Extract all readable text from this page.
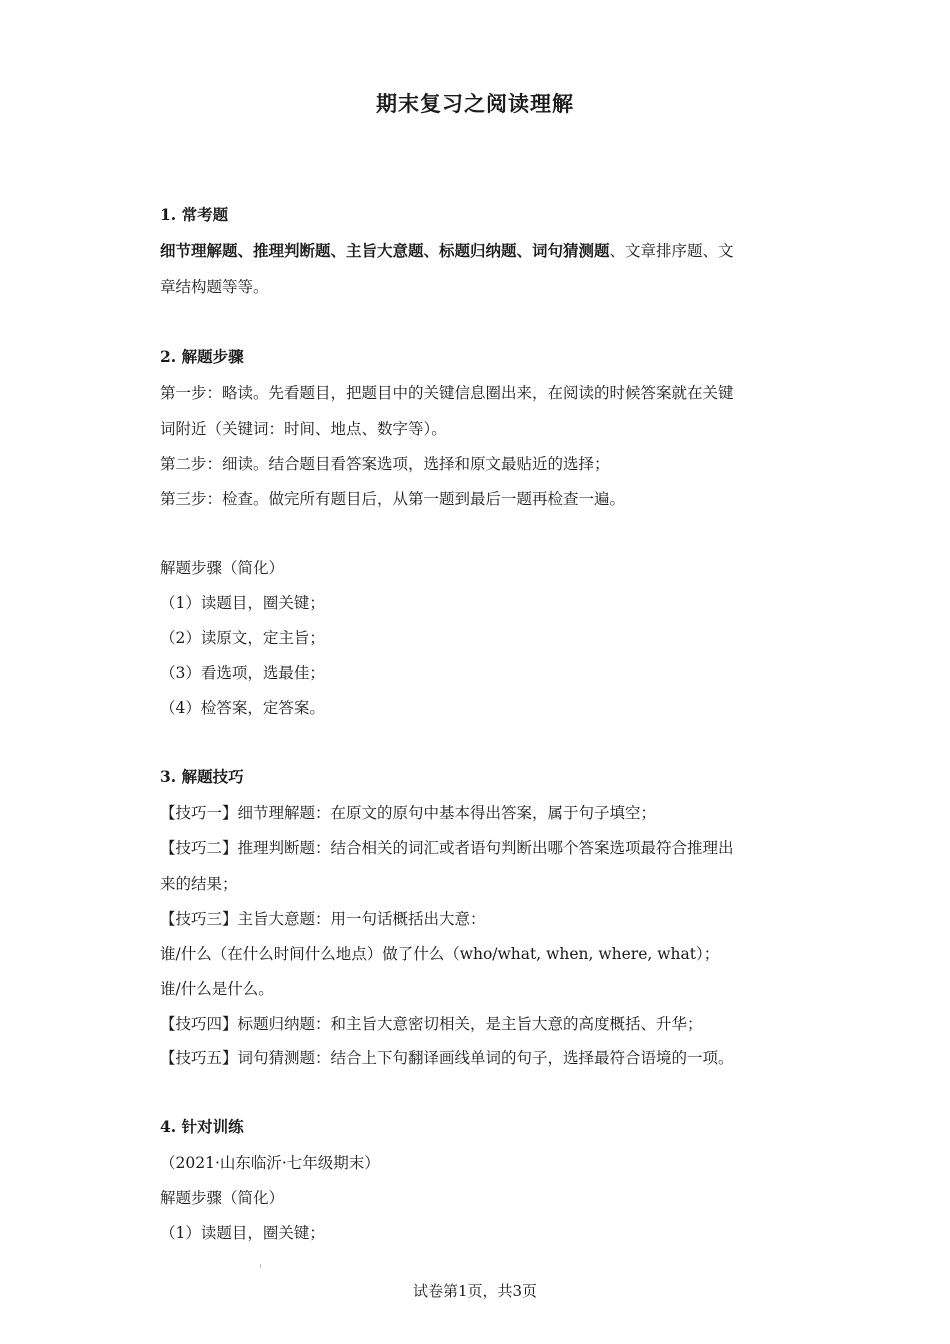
期末复习之阅读理解
1. 常考题
细节理解题、推理判断题、主旨大意题、标题归纳题、词句猜测题、文章排序题、文
章结构题等等。
2. 解题步骤
第一步：略读。先看题目，把题目中的关键信息圈出来，在阅读的时候答案就在关键
词附近（关键词：时间、地点、数字等）。
第二步：细读。结合题目看答案选项，选择和原文最贴近的选择；
第三步：检查。做完所有题目后，从第一题到最后一题再检查一遍。
解题步骤（简化）
（1）读题目，圈关键；
（2）读原文，定主旨；
（3）看选项，选最佳；
（4）检答案，定答案。
3. 解题技巧
【技巧一】细节理解题：在原文的原句中基本得出答案，属于句子填空；
【技巧二】推理判断题：结合相关的词汇或者语句判断出哪个答案选项最符合推理出
来的结果；
【技巧三】主旨大意题：用一句话概括出大意：
谁/什么（在什么时间什么地点）做了什么（who/what, when, where, what）；
谁/什么是什么。
【技巧四】标题归纳题：和主旨大意密切相关，是主旨大意的高度概括、升华；
【技巧五】词句猜测题：结合上下句翻译画线单词的句子，选择最符合语境的一项。
4. 针对训练
（2021·山东临沂·七年级期末）
解题步骤（简化）
（1）读题目，圈关键；
试卷第1页，共3页
